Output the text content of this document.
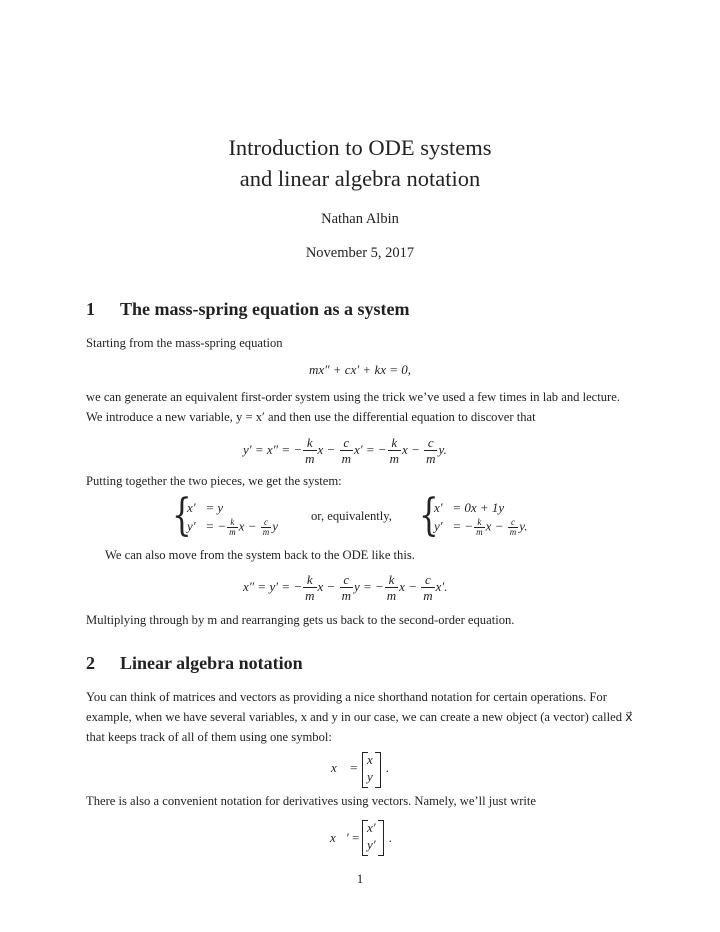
Introduction to ODE systems
and linear algebra notation
Nathan Albin
November 5, 2017
1 The mass-spring equation as a system
Starting from the mass-spring equation
mx″ + cx′ + kx = 0,
we can generate an equivalent first-order system using the trick we’ve used a few times in lab and lecture. We introduce a new variable, y = x′ and then use the differential equation to discover that
y′ = x″ = − $\frac{k}{m}$ $x - \frac{c}{m} x'$ = − $\frac{k}{m}$ $x - \frac{c}{m} y$.
Putting together the two pieces, we get the system:
{
x′   = y
y′   = − $\frac{k}{m}$ $x - \frac{c}{m}$ y
or, equivalently, {
x′   = 0x + 1y
y′   = − $\frac{k}{m}$ $x - \frac{c}{m} y$.
We can also move from the system back to the ODE like this.
x″ = y′ = − $\frac{k}{m}$ $x - \frac{c}{m}$ y = − $\frac{k}{m}$ $x - \frac{c}{m} x'$.
Multiplying through by m and rearranging gets us back to the second-order equation.
2 Linear algebra notation
You can think of matrices and vectors as providing a nice shorthand notation for certain operations. For example, when we have several variables, x and y in our case, we can create a new object (a vector) called x⃗ that keeps track of all of them using one symbol:
x⃗ =
x
y
.
There is also a convenient notation for derivatives using vectors. Namely, we’ll just write
x⃗′ =
x′
y′ .
1
